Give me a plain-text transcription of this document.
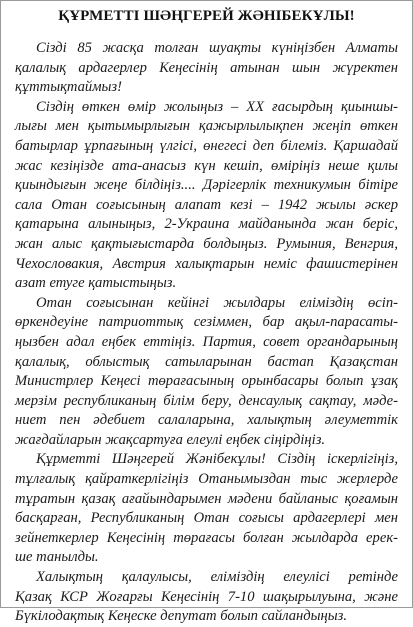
ҚҰРМЕТТІ ШӘҢГЕРЕЙ ЖӘНІБЕКҰЛЫ!
Сізді 85 жасқа толған шуақты күніңізбен Алматы
қалалық ардагерлер Кеңесінің атынан шын жүректен
құттықтаймыз!
Сіздің өткен өмір жолыңыз – ХХ ғасырдың қиыншы-
лығы мен қытымырлығын қажырлылықпен жеңіп өткен
батырлар ұрпағының үлгісі, өнегесі деп білеміз. Қаршадай
жас кезіңізде ата-анасыз күн кешіп, өміріңіз неше қилы
қиындығын жеңе білдіңіз.... Дәрігерлік техникумын бітіре
сала Отан соғысының алапат кезі – 1942 жылы әскер
қатарына алыныңыз, 2-Украина майданында жан беріс,
жан алыс қақтығыстарда болдыңыз. Румыния, Венгрия,
Чехословакия, Австрия халықтарын неміс фашистерінен
азат етуге қатыстыңыз.
Отан соғысынан кейінгі жылдары еліміздің өсіп-
өркендеуіне патриоттық сезіммен, бар ақыл-парасаты-
ңызбен адал еңбек еттіңіз. Партия, совет органдарының
қалалық, облыстық сатыларынан бастап Қазақстан
Министрлер Кеңесі төрағасының орынбасары болып ұзақ
мерзім республиканың білім беру, денсаулық сақтау, мәде-
ниет пен әдебиет салаларына, халықтың әлеуметтік
жағдайларын жақсартуға елеулі еңбек сіңірдіңіз.
Құрметті Шәңгерей Жәнібекұлы! Сіздің іскерлігіңіз,
тұлғалық қайраткерлігіңіз Отанымыздан тыс жерлерде
тұратын қазақ ағайындарымен мәдени байланыс қоғамын
басқарған, Республиканың Отан соғысы ардагерлері мен
зейнеткерлер Кеңесінің төрағасы болған жылдарда ерек-
ше танылды.
Халықтың қалаулысы, еліміздің елеулісі ретінде
Қазақ КСР Жоғарғы Кеңесінің 7-10 шақырылуына, және
Бүкілодақтық Кеңеске депутат болып сайландыңыз.
